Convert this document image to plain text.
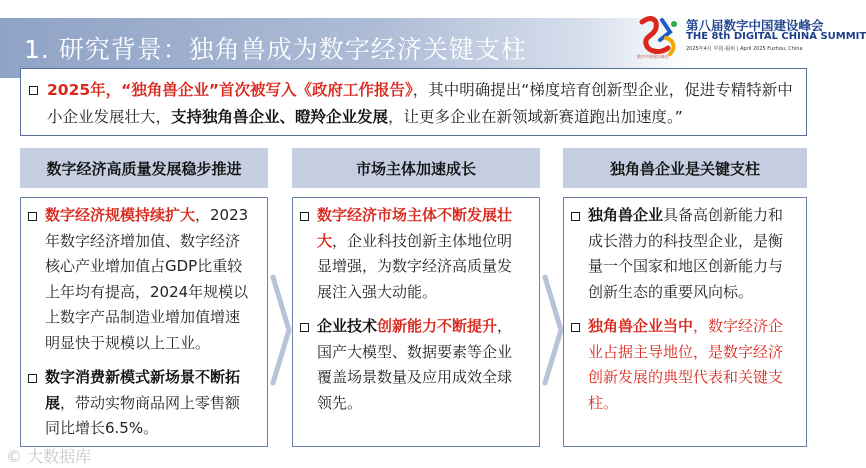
1. 研究背景：独角兽成为数字经济关键支柱	数字中国建设峰会
第八届数字中国建设峰会
THE 8th DIGITAL CHINA SUMMIT
2025年4月 中国·福州 | April 2025 Fuzhou, China
2025年，“独角兽企业”首次被写入《政府工作报告》，其中明确提出“梯度培育创新型企业，促进专精特新中小企业发展壮大，支持独角兽企业、瞪羚企业发展，让更多企业在新领域新赛道跑出加速度。”
数字经济高质量发展稳步推进	市场主体加速成长	独角兽企业是关键支柱

数字经济规模持续扩大，2023

年数字经济增加值、数字经济

核心产业增加值占GDP比重较

上年均有提高，2024年规模以

上数字产品制造业增加值增速

明显快于规模以上工业。

数字消费新模式新场景不断拓

展，带动实物商品网上零售额

同比增长6.5%。

数字经济市场主体不断发展壮

大，企业科技创新主体地位明

显增强，为数字经济高质量发

展注入强大动能。

企业技术创新能力不断提升，

国产大模型、数据要素等企业

覆盖场景数量及应用成效全球

领先。

独角兽企业具备高创新能力和

成长潜力的科技型企业，是衡

量一个国家和地区创新能力与

创新生态的重要风向标。

独角兽企业当中，数字经济企

业占据主导地位，是数字经济

创新发展的典型代表和关键支

柱。

© 大数据库
